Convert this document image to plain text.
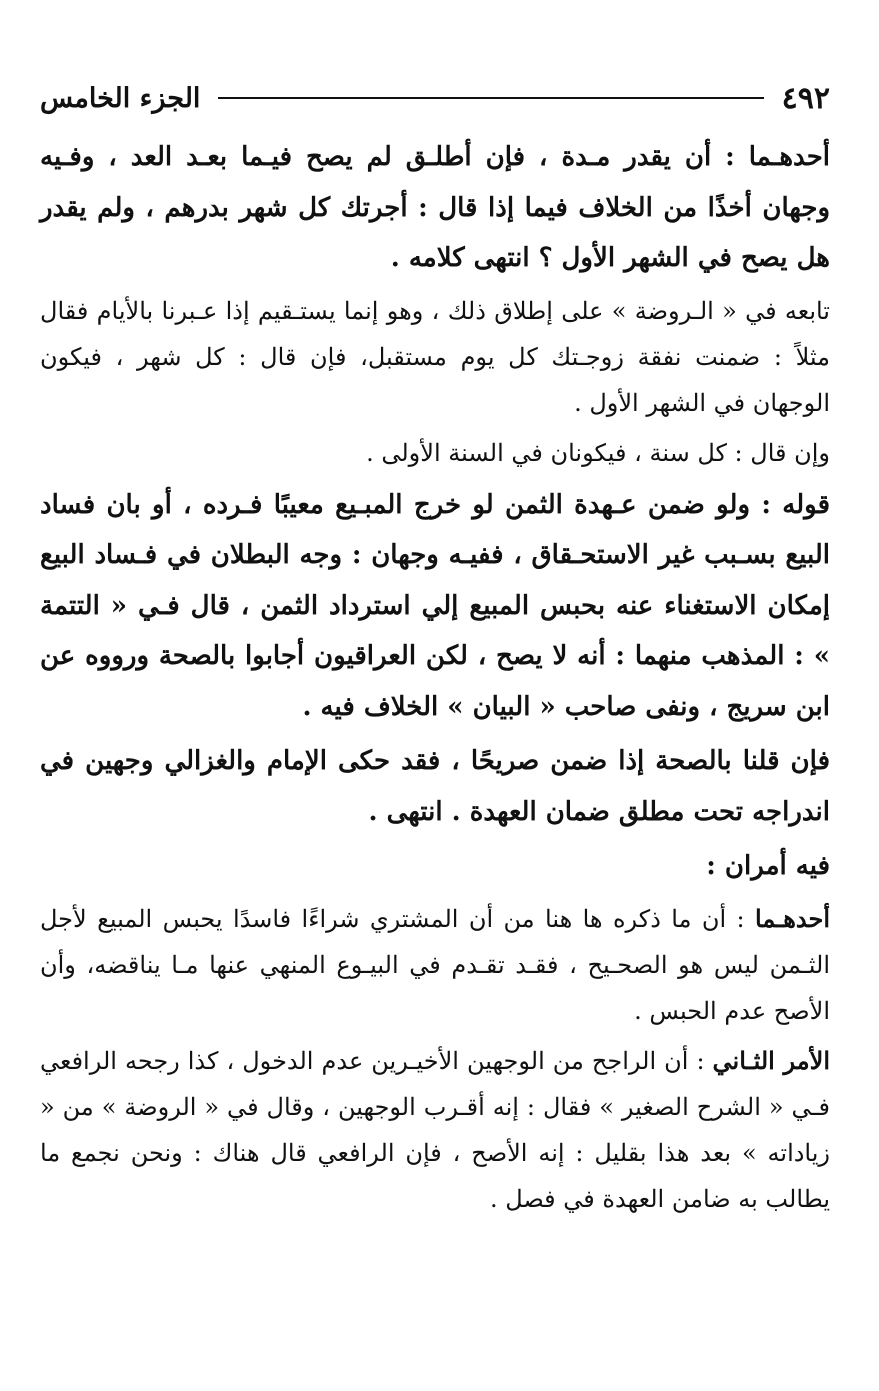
٤٩٢
الجزء الخامس

أحدهـما : أن يقدر مـدة ، فإن أطلـق لم يصح فيـما بعـد العد ، وفـيه وجهان أخذًا من الخلاف فيما إذا قال : أجرتك كل شهر بدرهم ، ولم يقدر هل يصح في الشهر الأول ؟ انتهى كلامه .

تابعه في « الـروضة » على إطلاق ذلك ، وهو إنما يستـقيم إذا عـبرنا بالأيام فقال مثلاً : ضمنت نفقة زوجـتك كل يوم مستقبل، فإن قال : كل شهر ، فيكون الوجهان في الشهر الأول .

وإن قال : كل سنة ، فيكونان في السنة الأولى .

قوله : ولو ضمن عـهدة الثمن لو خرج المبـيع معيبًا فـرده ، أو بان فساد البيع بسـبب غير الاستحـقاق ، ففيـه وجهان : وجه البطلان في فـساد البيع إمكان الاستغناء عنه بحبس المبيع إلي استرداد الثمن ، قال فـي « التتمة » : المذهب منهما : أنه لا يصح ، لكن العراقيون أجابوا بالصحة ورووه عن ابن سريج ، ونفى صاحب « البيان » الخلاف فيه .

فإن قلنا بالصحة إذا ضمن صريحًا ، فقد حكى الإمام والغزالي وجهين في اندراجه تحت مطلق ضمان العهدة . انتهى .

فيه أمران :

أحدهـما : أن ما ذكره ها هنا من أن المشتري شراءًا فاسدًا يحبس المبيع لأجل الثـمن ليس هو الصحـيح ، فقـد تقـدم في البيـوع المنهي عنها مـا يناقضه، وأن الأصح عدم الحبس .

الأمر الثـاني : أن الراجح من الوجهين الأخيـرين عدم الدخول ، كذا رجحه الرافعي فـي « الشرح الصغير » فقال : إنه أقـرب الوجهين ، وقال في « الروضة » من « زياداته » بعد هذا بقليل : إنه الأصح ، فإن الرافعي قال هناك : ونحن نجمع ما يطالب به ضامن العهدة في فصل .
